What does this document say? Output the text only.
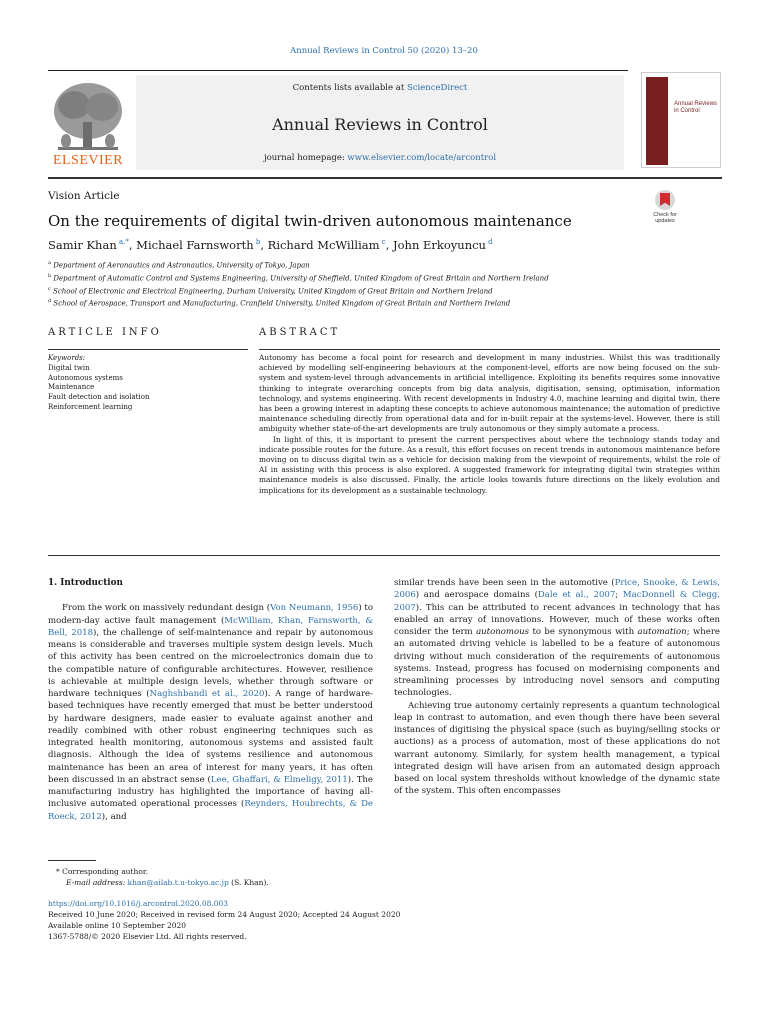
Annual Reviews in Control 50 (2020) 13–20
ELSEVIER
Contents lists available at ScienceDirect
Annual Reviews in Control
journal homepage: www.elsevier.com/locate/arcontrol
Annual Reviews in Control
Vision Article
On the requirements of digital twin-driven autonomous maintenance	Check for updates
Samir Khan $^{a,*}$, Michael Farnsworth $^b$, Richard McWilliam $^c$, John Erkoyuncu $^d$
$^a$ Department of Aeronautics and Astronautics, University of Tokyo, Japan
$^b$ Department of Automatic Control and Systems Engineering, University of Sheffield, United Kingdom of Great Britain and Northern Ireland
$^c$ School of Electronic and Electrical Engineering, Durham University, United Kingdom of Great Britain and Northern Ireland
$^d$ School of Aerospace, Transport and Manufacturing, Cranfield University, United Kingdom of Great Britain and Northern Ireland
ARTICLE INFO	ABSTRACT
Keywords:
Digital twin
Autonomous systems
Maintenance
Fault detection and isolation
Reinforcement learning

Autonomy has become a focal point for research and development in many industries. Whilst this was traditionally achieved by modelling self-engineering behaviours at the component-level, efforts are now being focused on the sub-system and system-level through advancements in artificial intelligence. Exploiting its benefits requires some innovative thinking to integrate overarching concepts from big data analysis, digitisation, sensing, optimisation, information technology, and systems engineering. With recent developments in Industry 4.0, machine learning and digital twin, there has been a growing interest in adapting these concepts to achieve autonomous maintenance; the automation of predictive maintenance scheduling directly from operational data and for in-built repair at the systems-level. However, there is still ambiguity whether state-of-the-art developments are truly autonomous or they simply automate a process.

In light of this, it is important to present the current perspectives about where the technology stands today and indicate possible routes for the future. As a result, this effort focuses on recent trends in autonomous maintenance before moving on to discuss digital twin as a vehicle for decision making from the viewpoint of requirements, whilst the role of AI in assisting with this process is also explored. A suggested framework for integrating digital twin strategies within maintenance models is also discussed. Finally, the article looks towards future directions on the likely evolution and implications for its development as a sustainable technology.

1. Introduction

From the work on massively redundant design (Von Neumann, 1956) to modern-day active fault management (McWilliam, Khan, Farnsworth, & Bell, 2018), the challenge of self-maintenance and repair by autonomous means is considerable and traverses multiple system design levels. Much of this activity has been centred on the microelectronics domain due to the compatible nature of configurable architectures. However, resilience is achievable at multiple design levels, whether through software or hardware techniques (Naghshbandi et al., 2020). A range of hardware-based techniques have recently emerged that must be better understood by hardware designers, made easier to evaluate against another and readily combined with other robust engineering techniques such as integrated health monitoring, autonomous systems and assisted fault diagnosis. Although the idea of systems resilience and autonomous maintenance has been an area of interest for many years, it has often been discussed in an abstract sense (Lee, Ghaffari, & Elmeligy, 2011). The manufacturing industry has highlighted the importance of having all-inclusive automated operational processes (Reynders, Houbrechts, & De Roeck, 2012), and

similar trends have been seen in the automotive (Price, Snooke, & Lewis, 2006) and aerospace domains (Dale et al., 2007; MacDonnell & Clegg, 2007). This can be attributed to recent advances in technology that has enabled an array of innovations. However, much of these works often consider the term autonomous to be synonymous with automation; where an automated driving vehicle is labelled to be a feature of autonomous driving without much consideration of the requirements of autonomous systems. Instead, progress has focused on modernising components and streamlining processes by introducing novel sensors and computing technologies.

Achieving true autonomy certainly represents a quantum technological leap in contrast to automation, and even though there have been several instances of digitising the physical space (such as buying/selling stocks or auctions) as a process of automation, most of these applications do not warrant autonomy. Similarly, for system health management, a typical integrated design will have arisen from an automated design approach based on local system thresholds without knowledge of the dynamic state of the system. This often encompasses

* Corresponding author.
E-mail address: khan@ailab.t.u-tokyo.ac.jp (S. Khan).
https://doi.org/10.1016/j.arcontrol.2020.08.003
Received 10 June 2020; Received in revised form 24 August 2020; Accepted 24 August 2020
Available online 10 September 2020
1367-5788/© 2020 Elsevier Ltd. All rights reserved.
